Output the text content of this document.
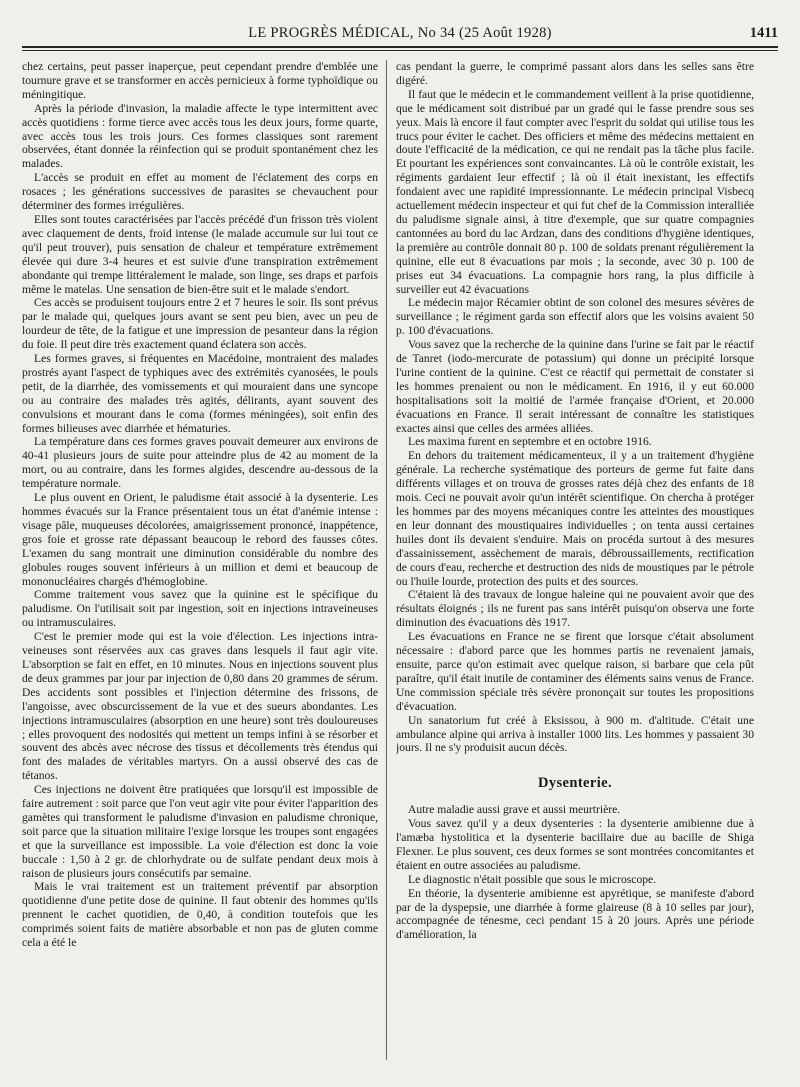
LE PROGRÈS MÉDICAL, No 34 (25 Août 1928)	1411

chez certains, peut passer inaperçue, peut cependant prendre d'emblée une tournure grave et se transformer en accès pernicieux à forme typhoïdique ou méningitique.

Après la période d'invasion, la maladie affecte le type intermittent avec accès quotidiens : forme tierce avec accès tous les deux jours, forme quarte, avec accès tous les trois jours. Ces formes classiques sont rarement observées, étant donnée la réinfection qui se produit spontanément chez les malades.

L'accès se produit en effet au moment de l'éclatement des corps en rosaces ; les générations successives de parasites se chevauchent pour déterminer des formes irrégulières.

Elles sont toutes caractérisées par l'accès précédé d'un frisson très violent avec claquement de dents, froid intense (le malade accumule sur lui tout ce qu'il peut trouver), puis sensation de chaleur et température extrêmement élevée qui dure 3-4 heures et est suivie d'une transpiration extrêmement abondante qui trempe littéralement le malade, son linge, ses draps et parfois même le matelas. Une sensation de bien-être suit et le malade s'endort.

Ces accès se produisent toujours entre 2 et 7 heures le soir. Ils sont prévus par le malade qui, quelques jours avant se sent peu bien, avec un peu de lourdeur de tête, de la fatigue et une impression de pesanteur dans la région du foie. Il peut dire très exactement quand éclatera son accès.

Les formes graves, si fréquentes en Macédoine, montraient des malades prostrés ayant l'aspect de typhiques avec des extrémités cyanosées, le pouls petit, de la diarrhée, des vomissements et qui mouraient dans une syncope ou au contraire des malades très agités, délirants, ayant souvent des convulsions et mourant dans le coma (formes méningées), soit enfin des formes bilieuses avec diarrhée et hématuries.

La température dans ces formes graves pouvait demeurer aux environs de 40-41 plusieurs jours de suite pour atteindre plus de 42 au moment de la mort, ou au contraire, dans les formes algides, descendre au-dessous de la température normale.

Le plus ouvent en Orient, le paludisme était associé à la dysenterie. Les hommes évacués sur la France présentaient tous un état d'anémie intense : visage pâle, muqueuses décolorées, amaigrissement prononcé, inappétence, gros foie et grosse rate dépassant beaucoup le rebord des fausses côtes. L'examen du sang montrait une diminution considérable du nombre des globules rouges souvent inférieurs à un million et demi et beaucoup de mononucléaires chargés d'hémoglobine.

Comme traitement vous savez que la quinine est le spécifique du paludisme. On l'utilisait soit par ingestion, soit en injections intraveineuses ou intramusculaires.

C'est le premier mode qui est la voie d'élection. Les injections intra-veineuses sont réservées aux cas graves dans lesquels il faut agir vite. L'absorption se fait en effet, en 10 minutes. Nous en injections souvent plus de deux grammes par jour par injection de 0,80 dans 20 grammes de sérum. Des accidents sont possibles et l'injection détermine des frissons, de l'angoisse, avec obscurcissement de la vue et des sueurs abondantes. Les injections intramusculaires (absorption en une heure) sont très douloureuses ; elles provoquent des nodosités qui mettent un temps infini à se résorber et souvent des abcès avec nécrose des tissus et décollements très étendus qui font des malades de véritables martyrs. On a aussi observé des cas de tétanos.

Ces injections ne doivent être pratiquées que lorsqu'il est impossible de faire autrement : soit parce que l'on veut agir vite pour éviter l'apparition des gamètes qui transforment le paludisme d'invasion en paludisme chronique, soit parce que la situation militaire l'exige lorsque les troupes sont engagées et que la surveillance est impossible. La voie d'élection est donc la voie buccale : 1,50 à 2 gr. de chlorhydrate ou de sulfate pendant deux mois à raison de plusieurs jours consécutifs par semaine.

Mais le vrai traitement est un traitement préventif par absorption quotidienne d'une petite dose de quinine. Il faut obtenir des hommes qu'ils prennent le cachet quotidien, de 0,40, à condition toutefois que les comprimés soient faits de matière absorbable et non pas de gluten comme cela a été le

cas pendant la guerre, le comprimé passant alors dans les selles sans être digéré.

Il faut que le médecin et le commandement veillent à la prise quotidienne, que le médicament soit distribué par un gradé qui le fasse prendre sous ses yeux. Mais là encore il faut compter avec l'esprit du soldat qui utilise tous les trucs pour éviter le cachet. Des officiers et même des médecins mettaient en doute l'efficacité de la médication, ce qui ne rendait pas la tâche plus facile. Et pourtant les expériences sont convaincantes. Là où le contrôle existait, les régiments gardaient leur effectif ; là où il était inexistant, les effectifs fondaient avec une rapidité impressionnante. Le médecin principal Visbecq actuellement médecin inspecteur et qui fut chef de la Commission interalliée du paludisme signale ainsi, à titre d'exemple, que sur quatre compagnies cantonnées au bord du lac Ardzan, dans des conditions d'hygiène identiques, la première au contrôle donnait 80 p. 100 de soldats prenant régulièrement la quinine, elle eut 8 évacuations par mois ; la seconde, avec 30 p. 100 de prises eut 34 évacuations. La compagnie hors rang, la plus difficile à surveiller eut 42 évacuations

Le médecin major Récamier obtint de son colonel des mesures sévères de surveillance ; le régiment garda son effectif alors que les voisins avaient 50 p. 100 d'évacuations.

Vous savez que la recherche de la quinine dans l'urine se fait par le réactif de Tanret (iodo-mercurate de potassium) qui donne un précipité lorsque l'urine contient de la quinine. C'est ce réactif qui permettait de constater si les hommes prenaient ou non le médicament. En 1916, il y eut 60.000 hospitalisations soit la moitié de l'armée française d'Orient, et 20.000 évacuations en France. Il serait intéressant de connaître les statistiques exactes ainsi que celles des armées alliées.

Les maxima furent en septembre et en octobre 1916.

En dehors du traitement médicamenteux, il y a un traitement d'hygiène générale. La recherche systématique des porteurs de germe fut faite dans différents villages et on trouva de grosses rates déjà chez des enfants de 18 mois. Ceci ne pouvait avoir qu'un intérêt scientifique. On chercha à protéger les hommes par des moyens mécaniques contre les atteintes des moustiques en leur donnant des moustiquaires individuelles ; on tenta aussi certaines huiles dont ils devaient s'enduire. Mais on procéda surtout à des mesures d'assainissement, assèchement de marais, débroussaillements, rectification de cours d'eau, recherche et destruction des nids de moustiques par le pétrole ou l'huile lourde, protection des puits et des sources.

C'étaient là des travaux de longue haleine qui ne pouvaient avoir que des résultats éloignés ; ils ne furent pas sans intérêt puisqu'on observa une forte diminution des évacuations dès 1917.

Les évacuations en France ne se firent que lorsque c'était absolument nécessaire : d'abord parce que les hommes partis ne revenaient jamais, ensuite, parce qu'on estimait avec quelque raison, si barbare que cela pût paraître, qu'il était inutile de contaminer des éléments sains venus de France. Une commission spéciale très sévère prononçait sur toutes les propositions d'évacuation.

Un sanatorium fut créé à Eksissou, à 900 m. d'altitude. C'était une ambulance alpine qui arriva à installer 1000 lits. Les hommes y passaient 30 jours. Il ne s'y produisit aucun décès.

Dysenterie.

Autre maladie aussi grave et aussi meurtrière.

Vous savez qu'il y a deux dysenteries : la dysenterie amibienne due à l'amæba hystolitica et la dysenterie bacillaire due au bacille de Shiga Flexner. Le plus souvent, ces deux formes se sont montrées concomitantes et étaient en outre associées au paludisme.

Le diagnostic n'était possible que sous le microscope.

En théorie, la dysenterie amibienne est apyrétique, se manifeste d'abord par de la dyspepsie, une diarrhée à forme glaireuse (8 à 10 selles par jour), accompagnée de ténesme, ceci pendant 15 à 20 jours. Après une période d'amélioration, la
